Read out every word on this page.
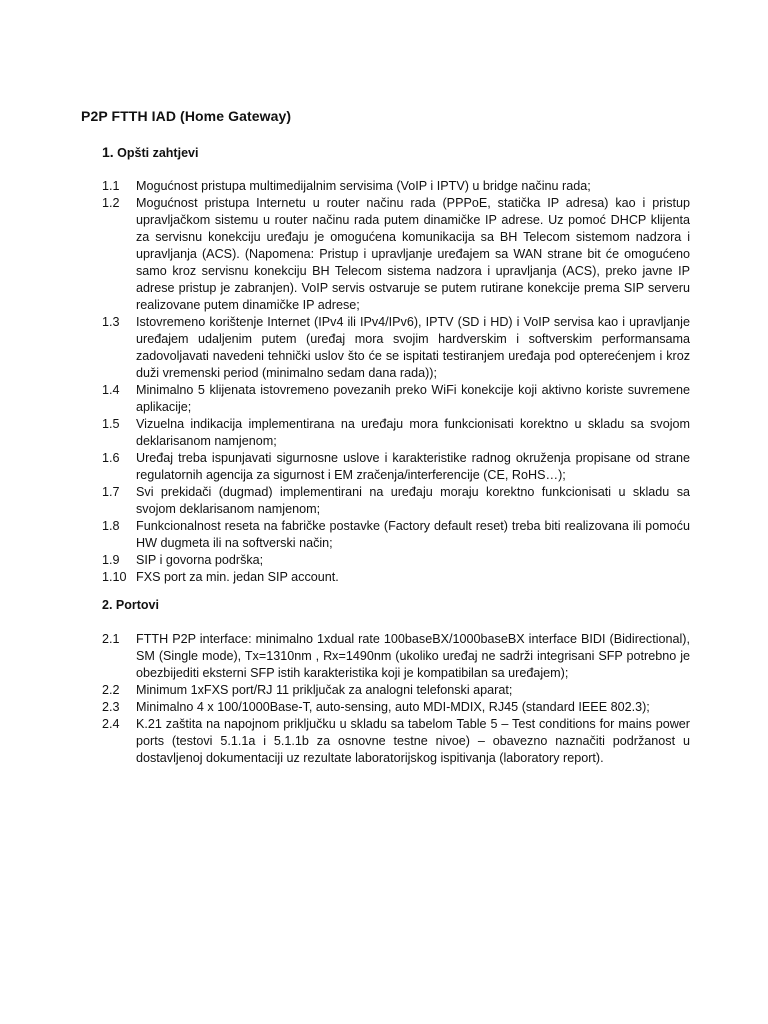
P2P FTTH IAD (Home Gateway)
1. Opšti zahtjevi
1.1	Mogućnost pristupa multimedijalnim servisima (VoIP i IPTV) u bridge načinu rada;
1.2	Mogućnost pristupa Internetu u router načinu rada (PPPoE, statička IP adresa) kao i pristup upravljačkom sistemu u router načinu rada putem dinamičke IP adrese. Uz pomoć DHCP klijenta za servisnu konekciju uređaju je omogućena komunikacija sa BH Telecom sistemom nadzora i upravljanja (ACS). (Napomena: Pristup i upravljanje uređajem sa WAN strane bit će omogućeno samo kroz servisnu konekciju BH Telecom sistema nadzora i upravljanja (ACS), preko javne IP adrese pristup je zabranjen). VoIP servis ostvaruje se putem rutirane konekcije prema SIP serveru realizovane putem dinamičke IP adrese;
1.3	Istovremeno korištenje Internet (IPv4 ili IPv4/IPv6), IPTV (SD i HD) i VoIP servisa kao i upravljanje uređajem udaljenim putem (uređaj mora svojim hardverskim i softverskim performansama zadovoljavati navedeni tehnički uslov što će se ispitati testiranjem uređaja pod opterećenjem i kroz duži vremenski period (minimalno sedam dana rada));
1.4	Minimalno 5 klijenata istovremeno povezanih preko WiFi konekcije koji aktivno koriste suvremene aplikacije;
1.5	Vizuelna indikacija implementirana na uređaju mora funkcionisati korektno u skladu sa svojom deklarisanom namjenom;
1.6	Uređaj treba ispunjavati sigurnosne uslove i karakteristike radnog okruženja propisane od strane regulatornih agencija za sigurnost i EM zračenja/interferencije (CE, RoHS…);
1.7	Svi prekidači (dugmad) implementirani na uređaju moraju korektno funkcionisati u skladu sa svojom deklarisanom namjenom;
1.8	Funkcionalnost reseta na fabričke postavke (Factory default reset) treba biti realizovana ili pomoću HW dugmeta ili na softverski način;
1.9	SIP i govorna podrška;
1.10 FXS port za min. jedan SIP account.
2. Portovi
2.1	FTTH P2P interface: minimalno 1xdual rate 100baseBX/1000baseBX interface BIDI (Bidirectional), SM (Single mode), Tx=1310nm , Rx=1490nm (ukoliko uređaj ne sadrži integrisani SFP potrebno je obezbijediti eksterni SFP istih karakteristika koji je kompatibilan sa uređajem);
2.2	Minimum 1xFXS port/RJ 11 priključak za analogni telefonski aparat;
2.3	Minimalno 4 x 100/1000Base-T, auto-sensing, auto MDI-MDIX, RJ45 (standard IEEE 802.3);
2.4	K.21 zaštita na napojnom priključku u skladu sa tabelom Table 5 – Test conditions for mains power ports (testovi 5.1.1a i 5.1.1b za osnovne testne nivoe) – obavezno naznačiti podržanost u dostavljenoj dokumentaciji uz rezultate laboratorijskog ispitivanja (laboratory report).
